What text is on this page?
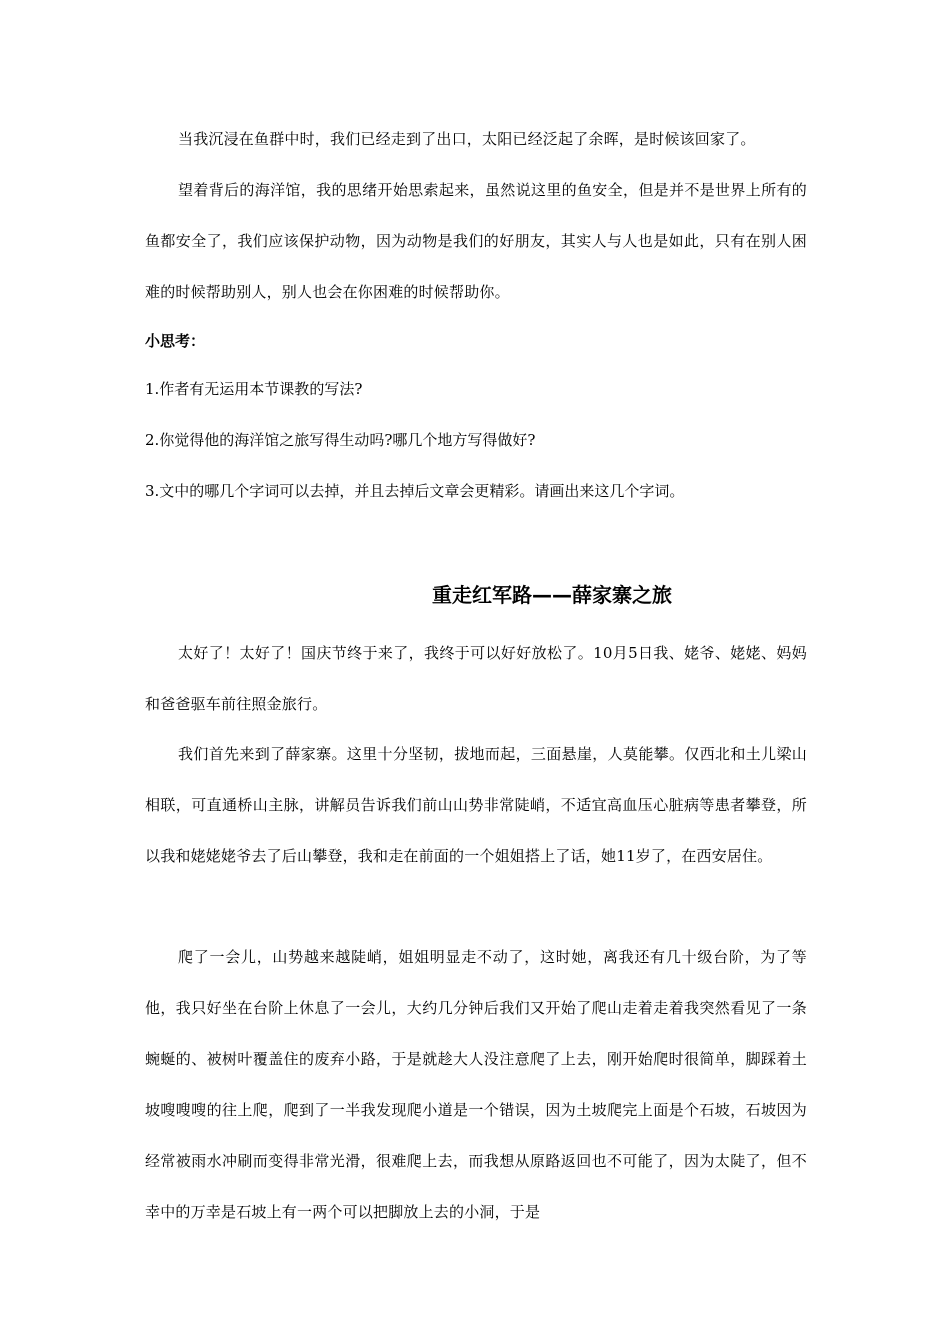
当我沉浸在鱼群中时，我们已经走到了出口，太阳已经泛起了余晖，是时候该回家了。

望着背后的海洋馆，我的思绪开始思索起来，虽然说这里的鱼安全，但是并不是世界上所有的鱼都安全了，我们应该保护动物，因为动物是我们的好朋友，其实人与人也是如此，只有在别人困难的时候帮助别人，别人也会在你困难的时候帮助你。

小思考：

1.作者有无运用本节课教的写法?

2.你觉得他的海洋馆之旅写得生动吗?哪几个地方写得做好?

3.文中的哪几个字词可以去掉，并且去掉后文章会更精彩。请画出来这几个字词。

重走红军路——薛家寨之旅

太好了！太好了！国庆节终于来了，我终于可以好好放松了。10月5日我、姥爷、姥姥、妈妈和爸爸驱车前往照金旅行。

我们首先来到了薛家寨。这里十分坚韧，拔地而起，三面悬崖，人莫能攀。仅西北和土儿梁山相联，可直通桥山主脉，讲解员告诉我们前山山势非常陡峭，不适宜高血压心脏病等患者攀登，所以我和姥姥姥爷去了后山攀登，我和走在前面的一个姐姐搭上了话，她11岁了，在西安居住。

爬了一会儿，山势越来越陡峭，姐姐明显走不动了，这时她，离我还有几十级台阶，为了等他，我只好坐在台阶上休息了一会儿，大约几分钟后我们又开始了爬山走着走着我突然看见了一条蜿蜒的、被树叶覆盖住的废弃小路，于是就趁大人没注意爬了上去，刚开始爬时很简单，脚踩着土坡嗖嗖嗖的往上爬，爬到了一半我发现爬小道是一个错误，因为土坡爬完上面是个石坡，石坡因为经常被雨水冲刷而变得非常光滑，很难爬上去，而我想从原路返回也不可能了，因为太陡了，但不幸中的万幸是石坡上有一两个可以把脚放上去的小洞，于是
